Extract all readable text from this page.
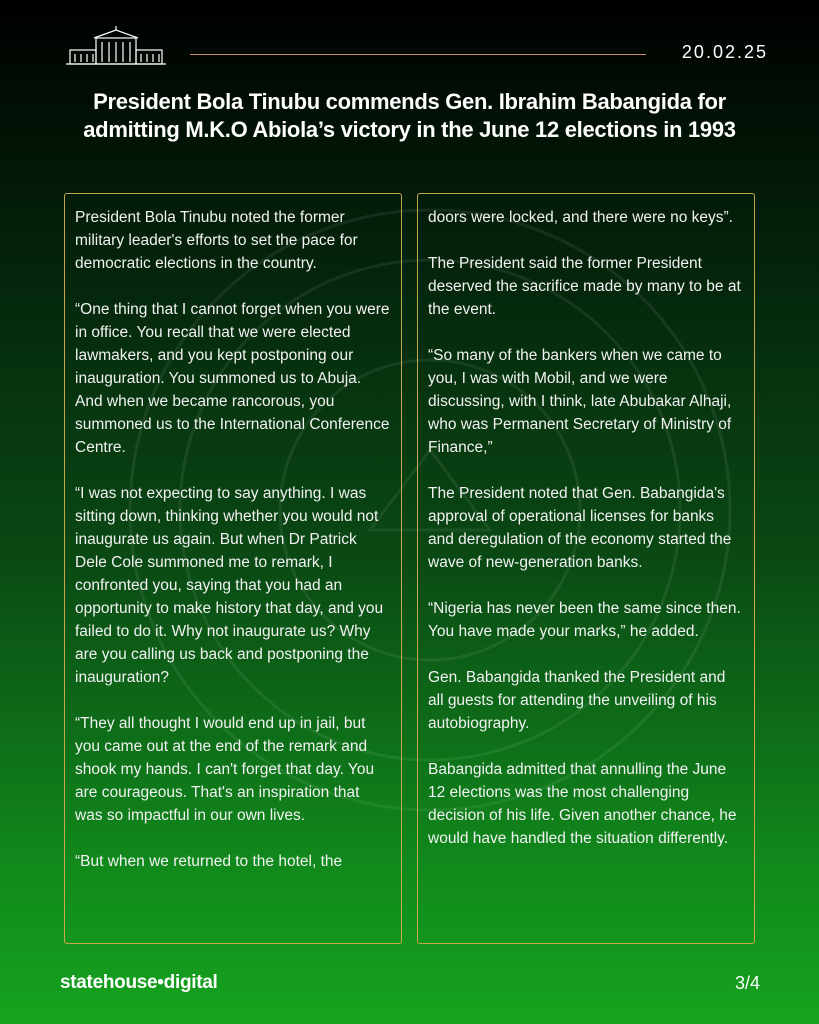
20.02.25
President Bola Tinubu commends Gen. Ibrahim Babangida for admitting M.K.O Abiola’s victory in the June 12 elections in 1993

President Bola Tinubu noted the former military leader's efforts to set the pace for democratic elections in the country.

“One thing that I cannot forget when you were in office. You recall that we were elected lawmakers, and you kept postponing our inauguration. You summoned us to Abuja. And when we became rancorous, you summoned us to the International Conference Centre.

“I was not expecting to say anything. I was sitting down, thinking whether you would not inaugurate us again. But when Dr Patrick Dele Cole summoned me to remark, I confronted you, saying that you had an opportunity to make history that day, and you failed to do it. Why not inaugurate us? Why are you calling us back and postponing the inauguration?

“They all thought I would end up in jail, but you came out at the end of the remark and shook my hands. I can't forget that day. You are courageous. That's an inspiration that was so impactful in our own lives.

“But when we returned to the hotel, the

doors were locked, and there were no keys”.

The President said the former President deserved the sacrifice made by many to be at the event.

“So many of the bankers when we came to you, I was with Mobil, and we were discussing, with I think, late Abubakar Alhaji, who was Permanent Secretary of Ministry of Finance,”

The President noted that Gen. Babangida's approval of operational licenses for banks and deregulation of the economy started the wave of new-generation banks.

“Nigeria has never been the same since then. You have made your marks,” he added.

Gen. Babangida thanked the President and all guests for attending the unveiling of his autobiography.

Babangida admitted that annulling the June 12 elections was the most challenging decision of his life. Given another chance, he would have handled the situation differently.

statehouse•digital	3/4
